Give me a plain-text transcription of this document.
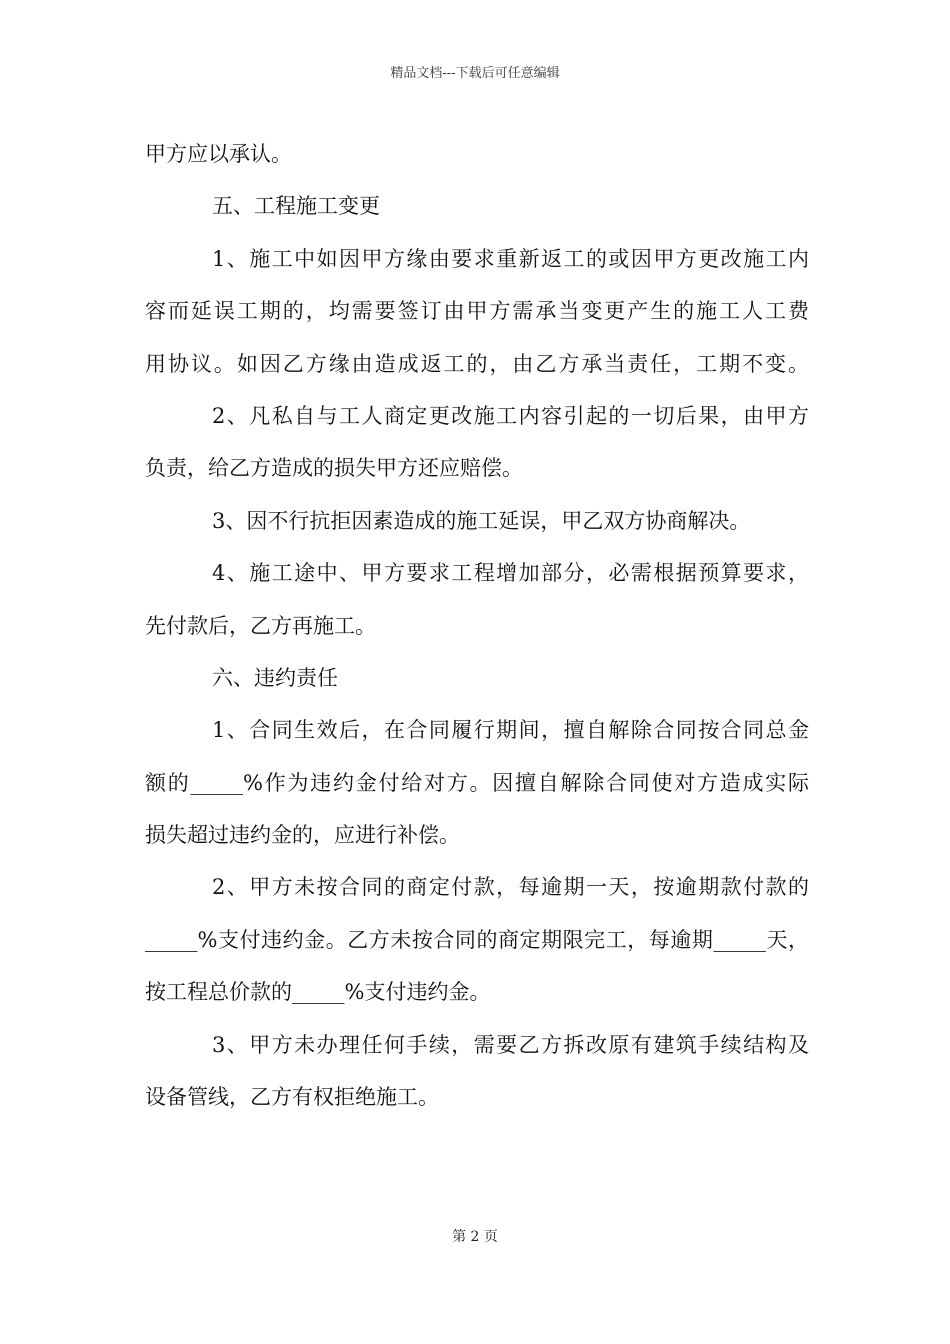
精品文档---下载后可任意编辑
甲方应以承认。
五、工程施工变更
1、施工中如因甲方缘由要求重新返工的或因甲方更改施工内
容而延误工期的，均需要签订由甲方需承当变更产生的施工人工费
用协议。如因乙方缘由造成返工的，由乙方承当责任，工期不变。
2、凡私自与工人商定更改施工内容引起的一切后果，由甲方
负责，给乙方造成的损失甲方还应赔偿。
3、因不行抗拒因素造成的施工延误，甲乙双方协商解决。
4、施工途中、甲方要求工程增加部分，必需根据预算要求，
先付款后，乙方再施工。
六、违约责任
1、合同生效后，在合同履行期间，擅自解除合同按合同总金
额的_____%作为违约金付给对方。因擅自解除合同使对方造成实际
损失超过违约金的，应进行补偿。
2、甲方未按合同的商定付款，每逾期一天，按逾期款付款的
_____%支付违约金。乙方未按合同的商定期限完工，每逾期_____天，
按工程总价款的_____%支付违约金。
3、甲方未办理任何手续，需要乙方拆改原有建筑手续结构及
设备管线，乙方有权拒绝施工。
第 2 页
